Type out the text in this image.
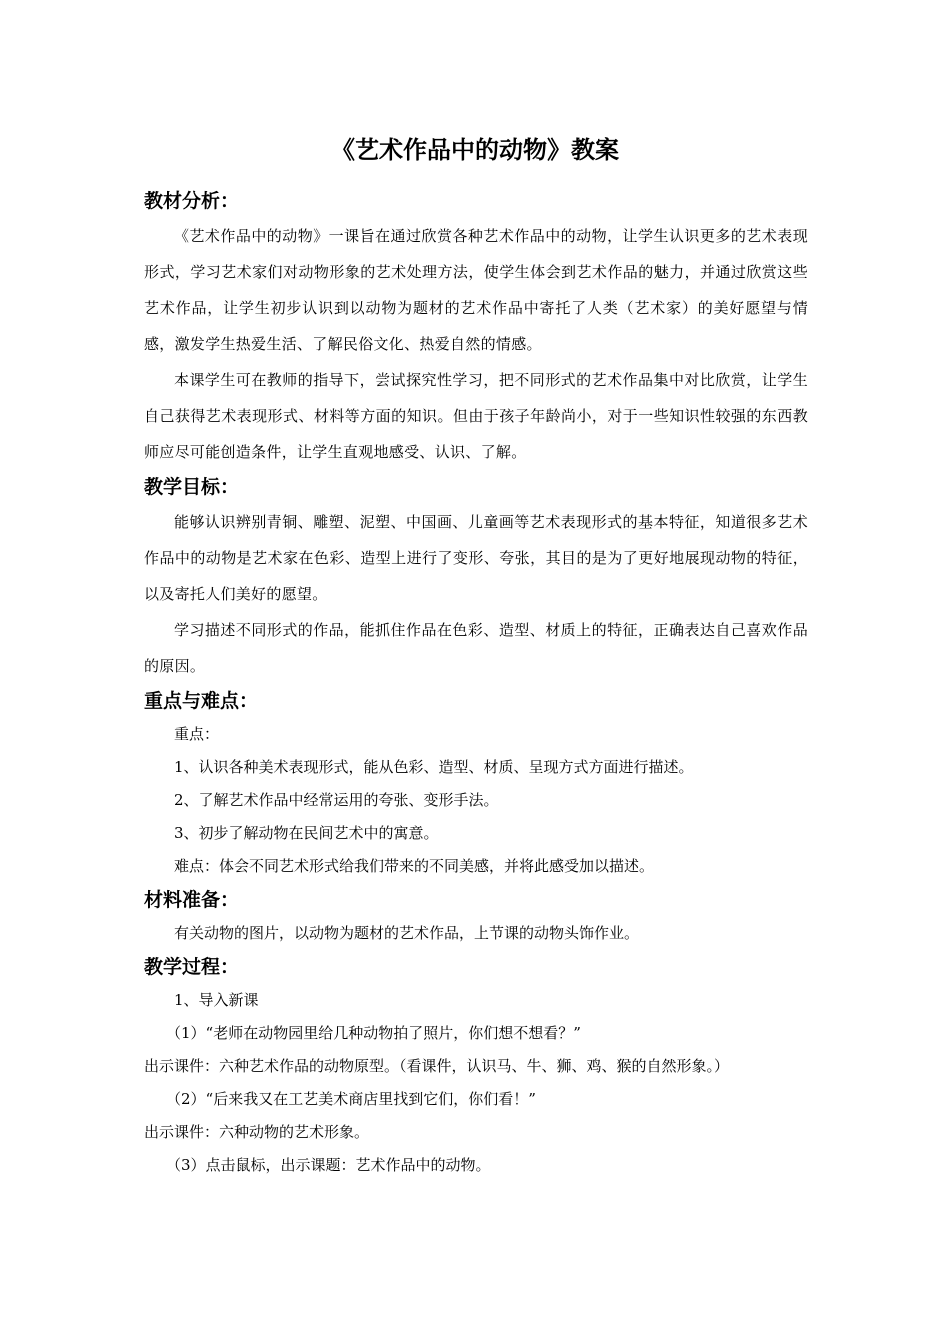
《艺术作品中的动物》教案
教材分析：

《艺术作品中的动物》一课旨在通过欣赏各种艺术作品中的动物，让学生认识更多的艺术表现形式，学习艺术家们对动物形象的艺术处理方法，使学生体会到艺术作品的魅力，并通过欣赏这些艺术作品，让学生初步认识到以动物为题材的艺术作品中寄托了人类（艺术家）的美好愿望与情感，激发学生热爱生活、了解民俗文化、热爱自然的情感。

本课学生可在教师的指导下，尝试探究性学习，把不同形式的艺术作品集中对比欣赏，让学生自己获得艺术表现形式、材料等方面的知识。但由于孩子年龄尚小，对于一些知识性较强的东西教师应尽可能创造条件，让学生直观地感受、认识、了解。

教学目标：

能够认识辨别青铜、雕塑、泥塑、中国画、儿童画等艺术表现形式的基本特征，知道很多艺术作品中的动物是艺术家在色彩、造型上进行了变形、夸张，其目的是为了更好地展现动物的特征，以及寄托人们美好的愿望。

学习描述不同形式的作品，能抓住作品在色彩、造型、材质上的特征，正确表达自己喜欢作品的原因。

重点与难点：

重点：

1、认识各种美术表现形式，能从色彩、造型、材质、呈现方式方面进行描述。

2、了解艺术作品中经常运用的夸张、变形手法。

3、初步了解动物在民间艺术中的寓意。

难点：体会不同艺术形式给我们带来的不同美感，并将此感受加以描述。

材料准备：

有关动物的图片，以动物为题材的艺术作品，上节课的动物头饰作业。

教学过程：

1、导入新课

（1）“老师在动物园里给几种动物拍了照片，你们想不想看？”

出示课件：六种艺术作品的动物原型。（看课件，认识马、牛、狮、鸡、猴的自然形象。）

（2）“后来我又在工艺美术商店里找到它们，你们看！”

出示课件：六种动物的艺术形象。

（3）点击鼠标，出示课题：艺术作品中的动物。
